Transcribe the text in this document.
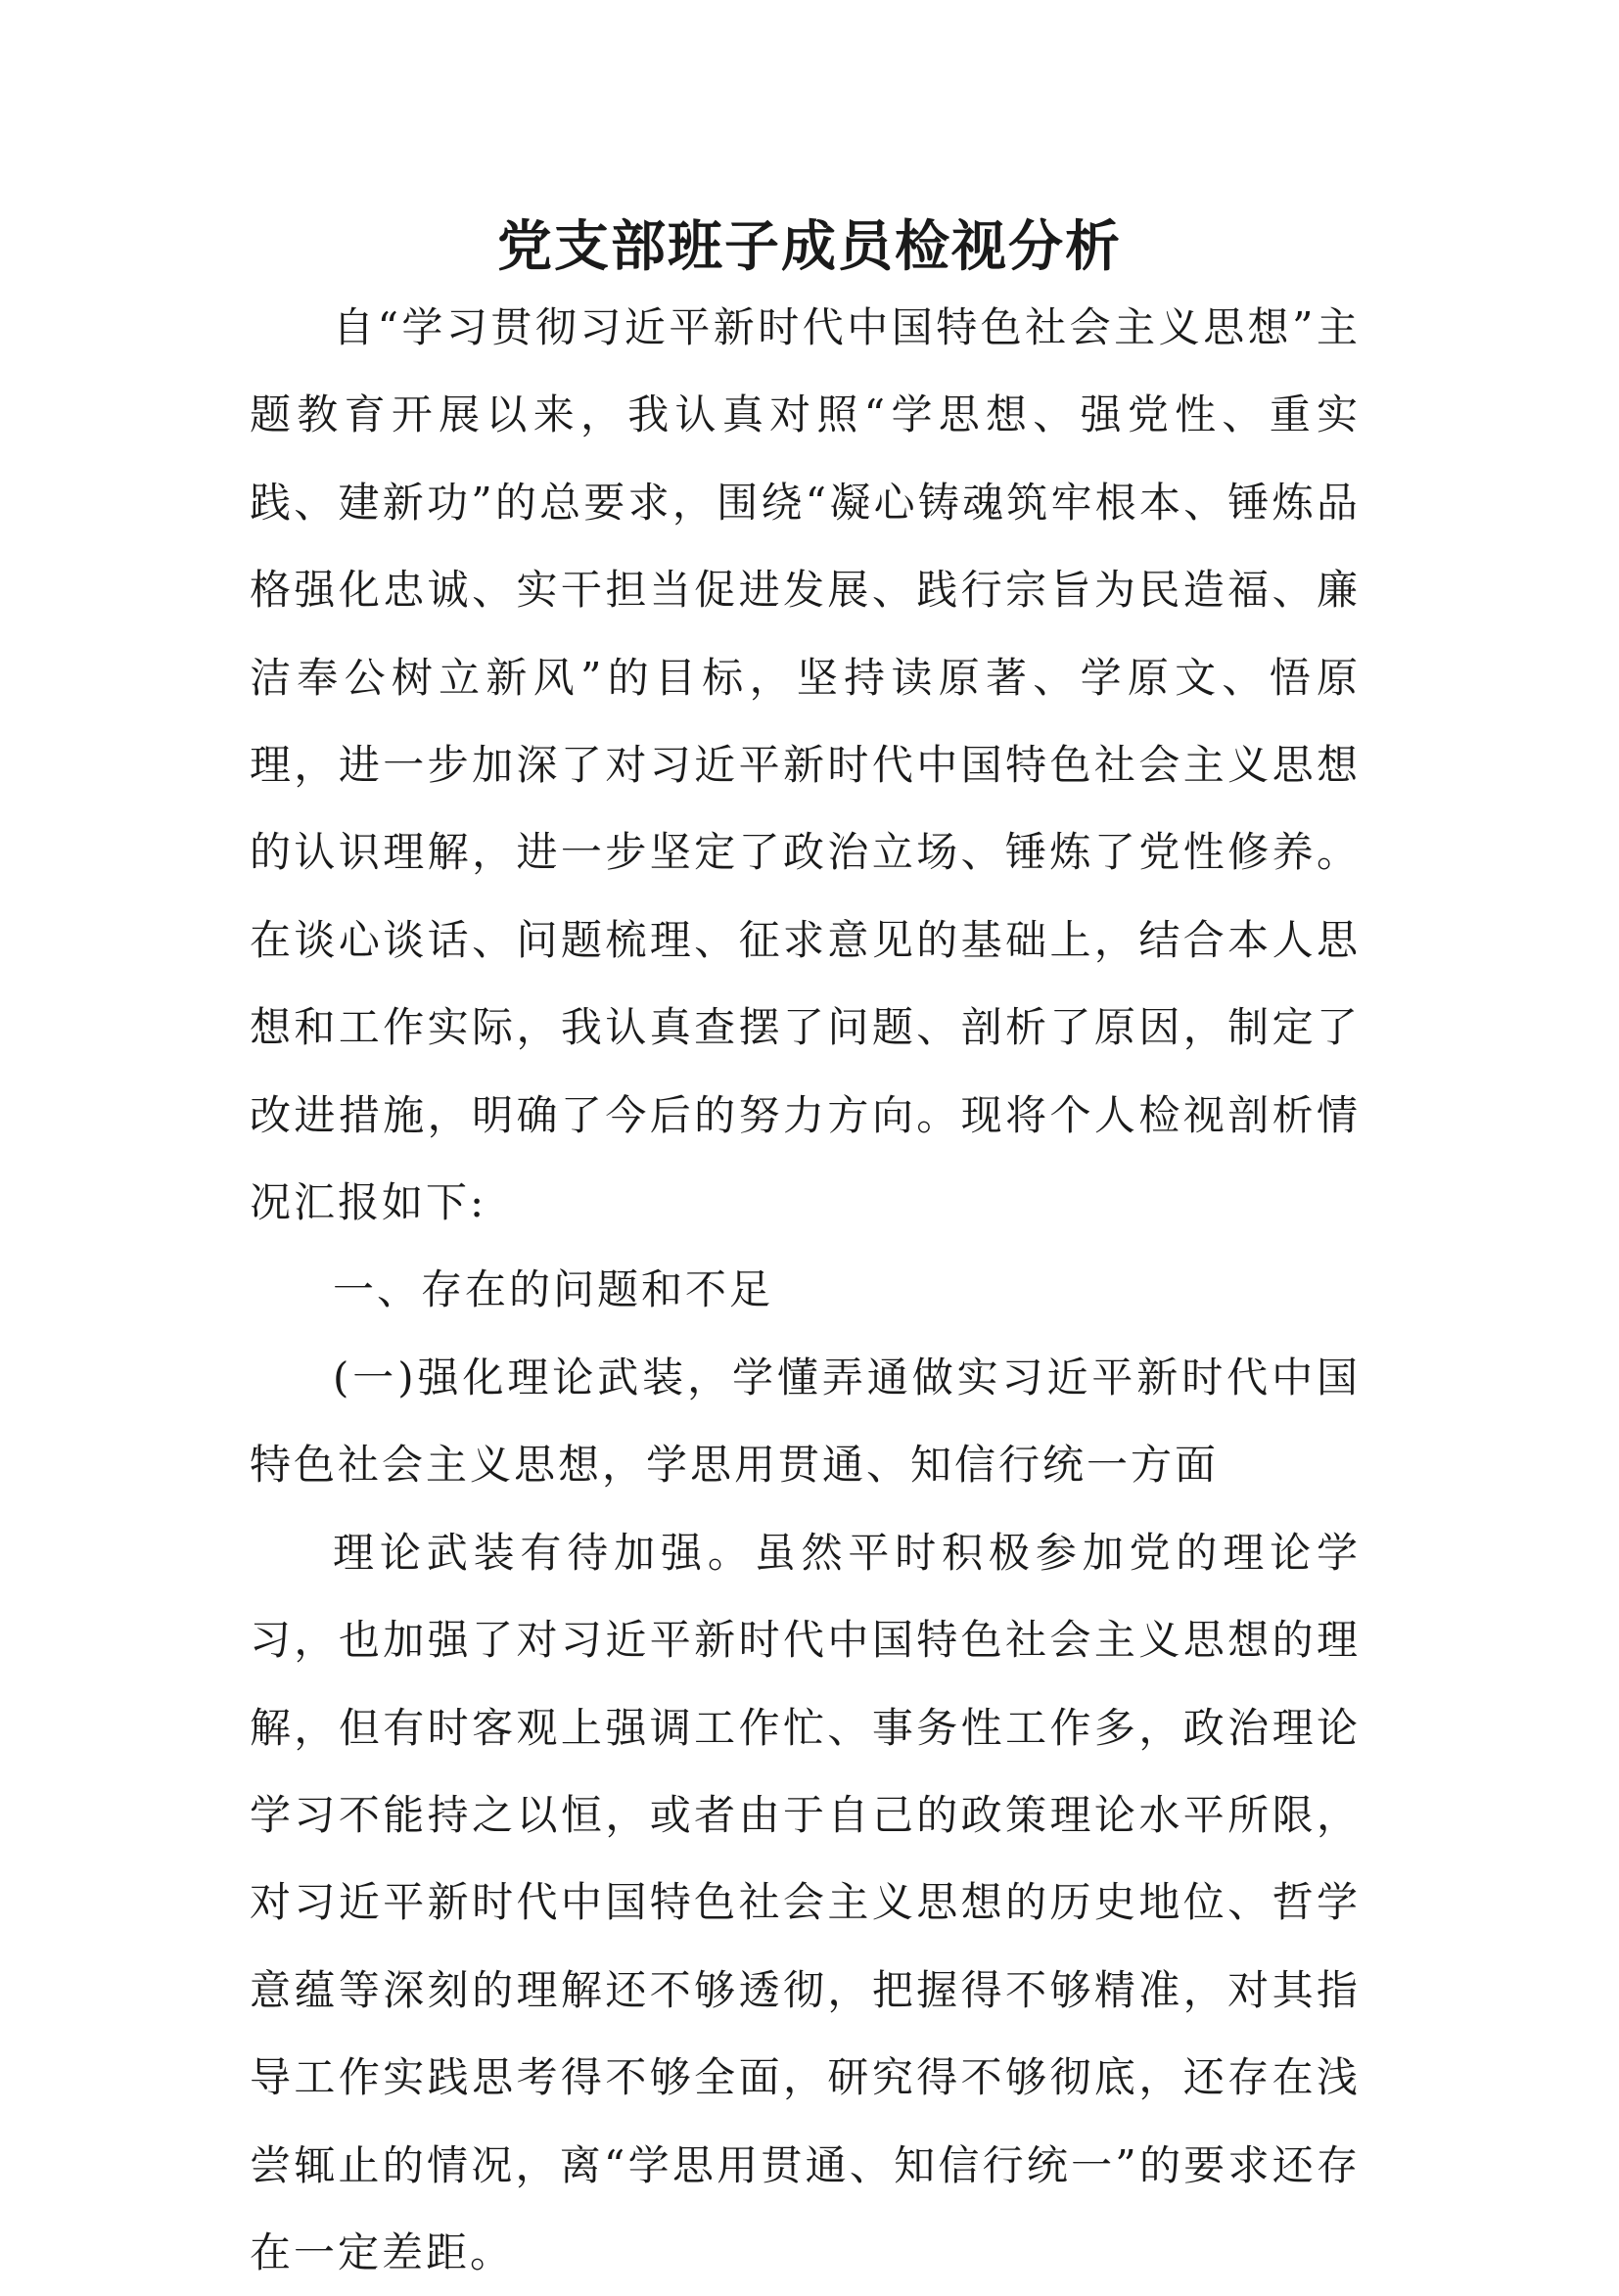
党支部班子成员检视分析

自“学习贯彻习近平新时代中国特色社会主义思想”主题教育开展以来，我认真对照“学思想、强党性、重实践、建新功”的总要求，围绕“凝心铸魂筑牢根本、锤炼品格强化忠诚、实干担当促进发展、践行宗旨为民造福、廉洁奉公树立新风”的目标，坚持读原著、学原文、悟原理，进一步加深了对习近平新时代中国特色社会主义思想的认识理解，进一步坚定了政治立场、锤炼了党性修养。在谈心谈话、问题梳理、征求意见的基础上，结合本人思想和工作实际，我认真查摆了问题、剖析了原因，制定了改进措施，明确了今后的努力方向。现将个人检视剖析情况汇报如下:

一、存在的问题和不足

(一)强化理论武装，学懂弄通做实习近平新时代中国特色社会主义思想，学思用贯通、知信行统一方面

理论武装有待加强。虽然平时积极参加党的理论学习，也加强了对习近平新时代中国特色社会主义思想的理解，但有时客观上强调工作忙、事务性工作多，政治理论学习不能持之以恒，或者由于自己的政策理论水平所限，对习近平新时代中国特色社会主义思想的历史地位、哲学意蕴等深刻的理解还不够透彻，把握得不够精准，对其指导工作实践思考得不够全面，研究得不够彻底，还存在浅尝辄止的情况，离“学思用贯通、知信行统一”的要求还存在一定差距。
